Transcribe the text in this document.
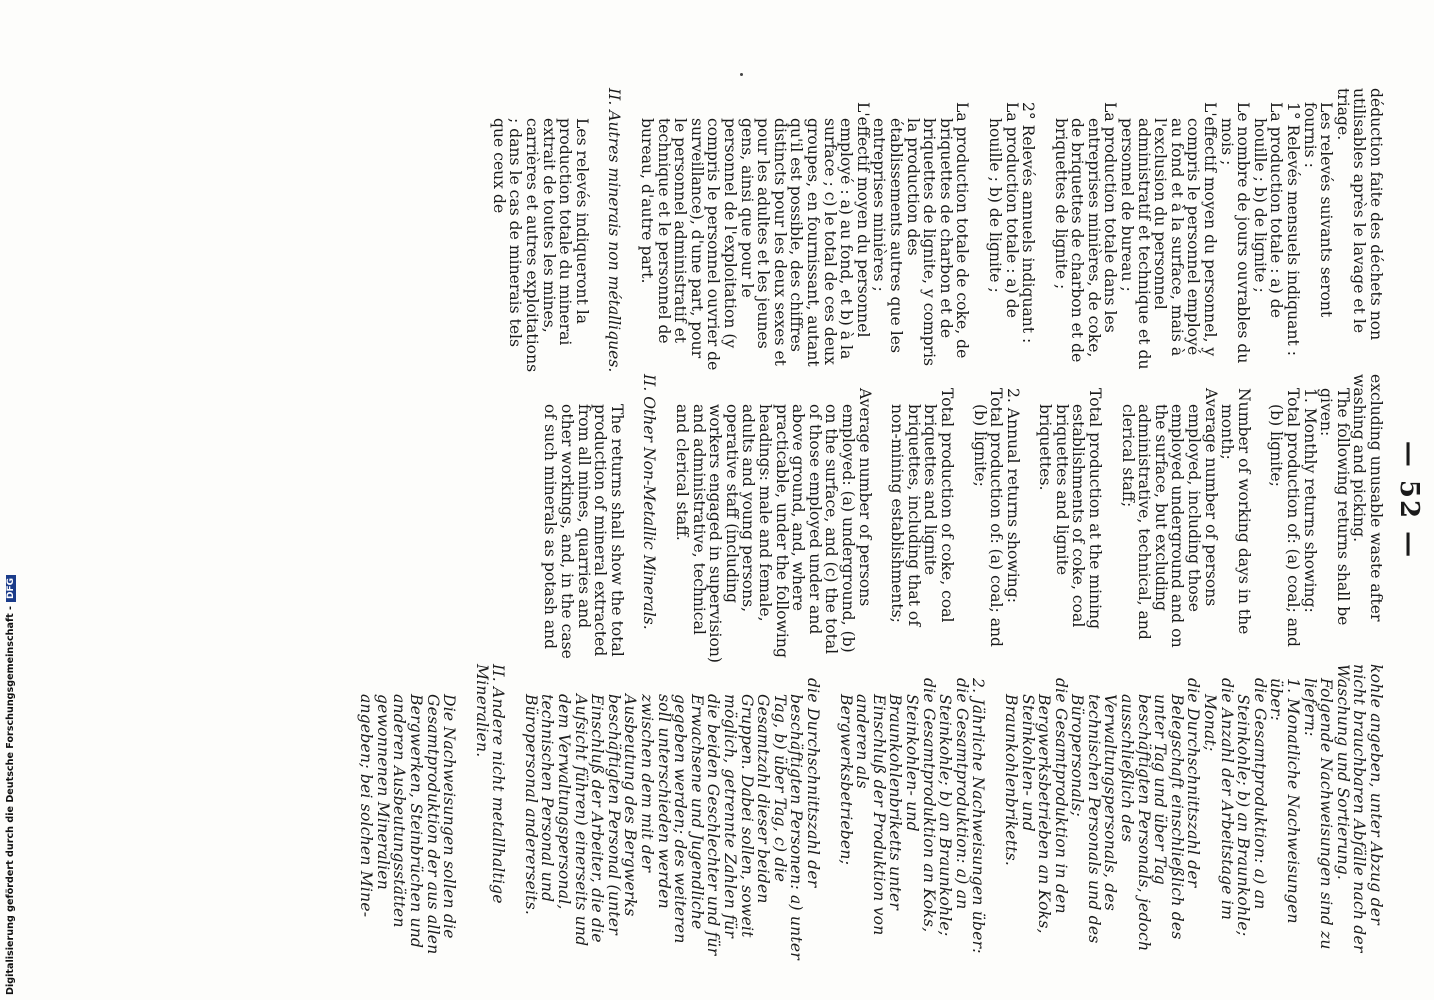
— 52 —

déduction faite des déchets non utilisables après le lavage et le triage.

Les relevés suivants seront fournis :

1° Relevés mensuels indiquant :

La production totale : a) de houille ; b) de lignite ;

Le nombre de jours ouvrables du mois ;

L'effectif moyen du personnel, y compris le personnel employé au fond et à la surface, mais à l'exclusion du personnel administratif et technique et du personnel de bureau ;

La production totale dans les entreprises minières, de coke, de briquettes de charbon et de briquettes de lignite ;

2° Relevés annuels indiquant :

La production totale : a) de houille ; b) de lignite ;

La production totale de coke, de briquettes de charbon et de briquettes de lignite, y compris la production des établissements autres que les entreprises minières ;

L'effectif moyen du personnel employé : a) au fond, et b) à la surface ; c) le total de ces deux groupes, en fournissant, autant qu'il est possible, des chiffres distincts pour les deux sexes et pour les adultes et les jeunes gens, ainsi que pour le personnel de l'exploitation (y compris le personnel ouvrier de surveillance), d'une part, pour le personnel administratif et technique et le personnel de bureau, d'autre part.

II. Autres minerais non métalliques.

Les relevés indiqueront la production totale du minerai extrait de toutes les mines, carrières et autres exploitations ; dans le cas de minerais tels que ceux de

excluding unusable waste after washing and picking.

The following returns shall be given:

1. Monthly returns showing:

Total production of: (a) coal; and (b) lignite;

Number of working days in the month;

Average number of persons employed, including those employed underground and on the surface, but excluding administrative, technical, and clerical staff;

Total production at the mining establishments of coke, coal briquettes and lignite briquettes.

2. Annual returns showing:

Total production of: (a) coal; and (b) lignite;

Total production of coke, coal briquettes and lignite briquettes, including that of non-mining establishments;

Average number of persons employed: (a) underground, (b) on the surface, and (c) the total of those employed under and above ground, and, where practicable, under the following headings: male and female, adults and young persons, operative staff (including workers engaged in supervision) and administrative, technical and clerical staff.

II. Other Non-Metallic Minerals.

The returns shall show the total production of mineral extracted from all mines, quarries and other workings, and, in the case of such minerals as potash and

kohle angeben, unter Abzug der nicht brauchbaren Abfälle nach der Waschung und Sortierung.

Folgende Nachweisungen sind zu liefern:

1. Monatliche Nachweisungen über:

die Gesamtproduktion: a) an Steinkohle; b) an Braunkohle;

die Anzahl der Arbeitstage im Monat;

die Durchschnittszahl der Belegschaft einschließlich des unter Tag und über Tag beschäftigten Personals, jedoch ausschließlich des Verwaltungspersonals, des technischen Personals und des Büropersonals;

die Gesamtproduktion in den Bergwerksbetrieben an Koks, Steinkohlen- und Braunkohlenbriketts.

2. Jährliche Nachweisungen über:

die Gesamtproduktion: a) an Steinkohle; b) an Braunkohle;

die Gesamtproduktion an Koks, Steinkohlen- und Braunkohlenbriketts unter Einschluß der Produktion von anderen als Bergwerksbetrieben;

die Durchschnittszahl der beschäftigten Personen: a) unter Tag, b) über Tag, c) die Gesamtzahl dieser beiden Gruppen. Dabei sollen, soweit möglich, getrennte Zahlen für die beiden Geschlechter und für Erwachsene und Jugendliche gegeben werden; des weiteren soll unterschieden werden zwischen dem mit der Ausbeutung des Bergwerks beschäftigten Personal (unter Einschluß der Arbeiter, die die Aufsicht führen) einerseits und dem Verwaltungspersonal, technischen Personal und Büropersonal andererseits.

II. Andere nicht metallhaltige Mineralien.

Die Nachweisungen sollen die Gesamtproduktion der aus allen Bergwerken, Steinbrüchen und anderen Ausbeutungsstätten gewonnenen Mineralien angeben; bei solchen Mine-

Digitalisierung gefördert durch die Deutsche Forschungsgemeinschaft -DFG
